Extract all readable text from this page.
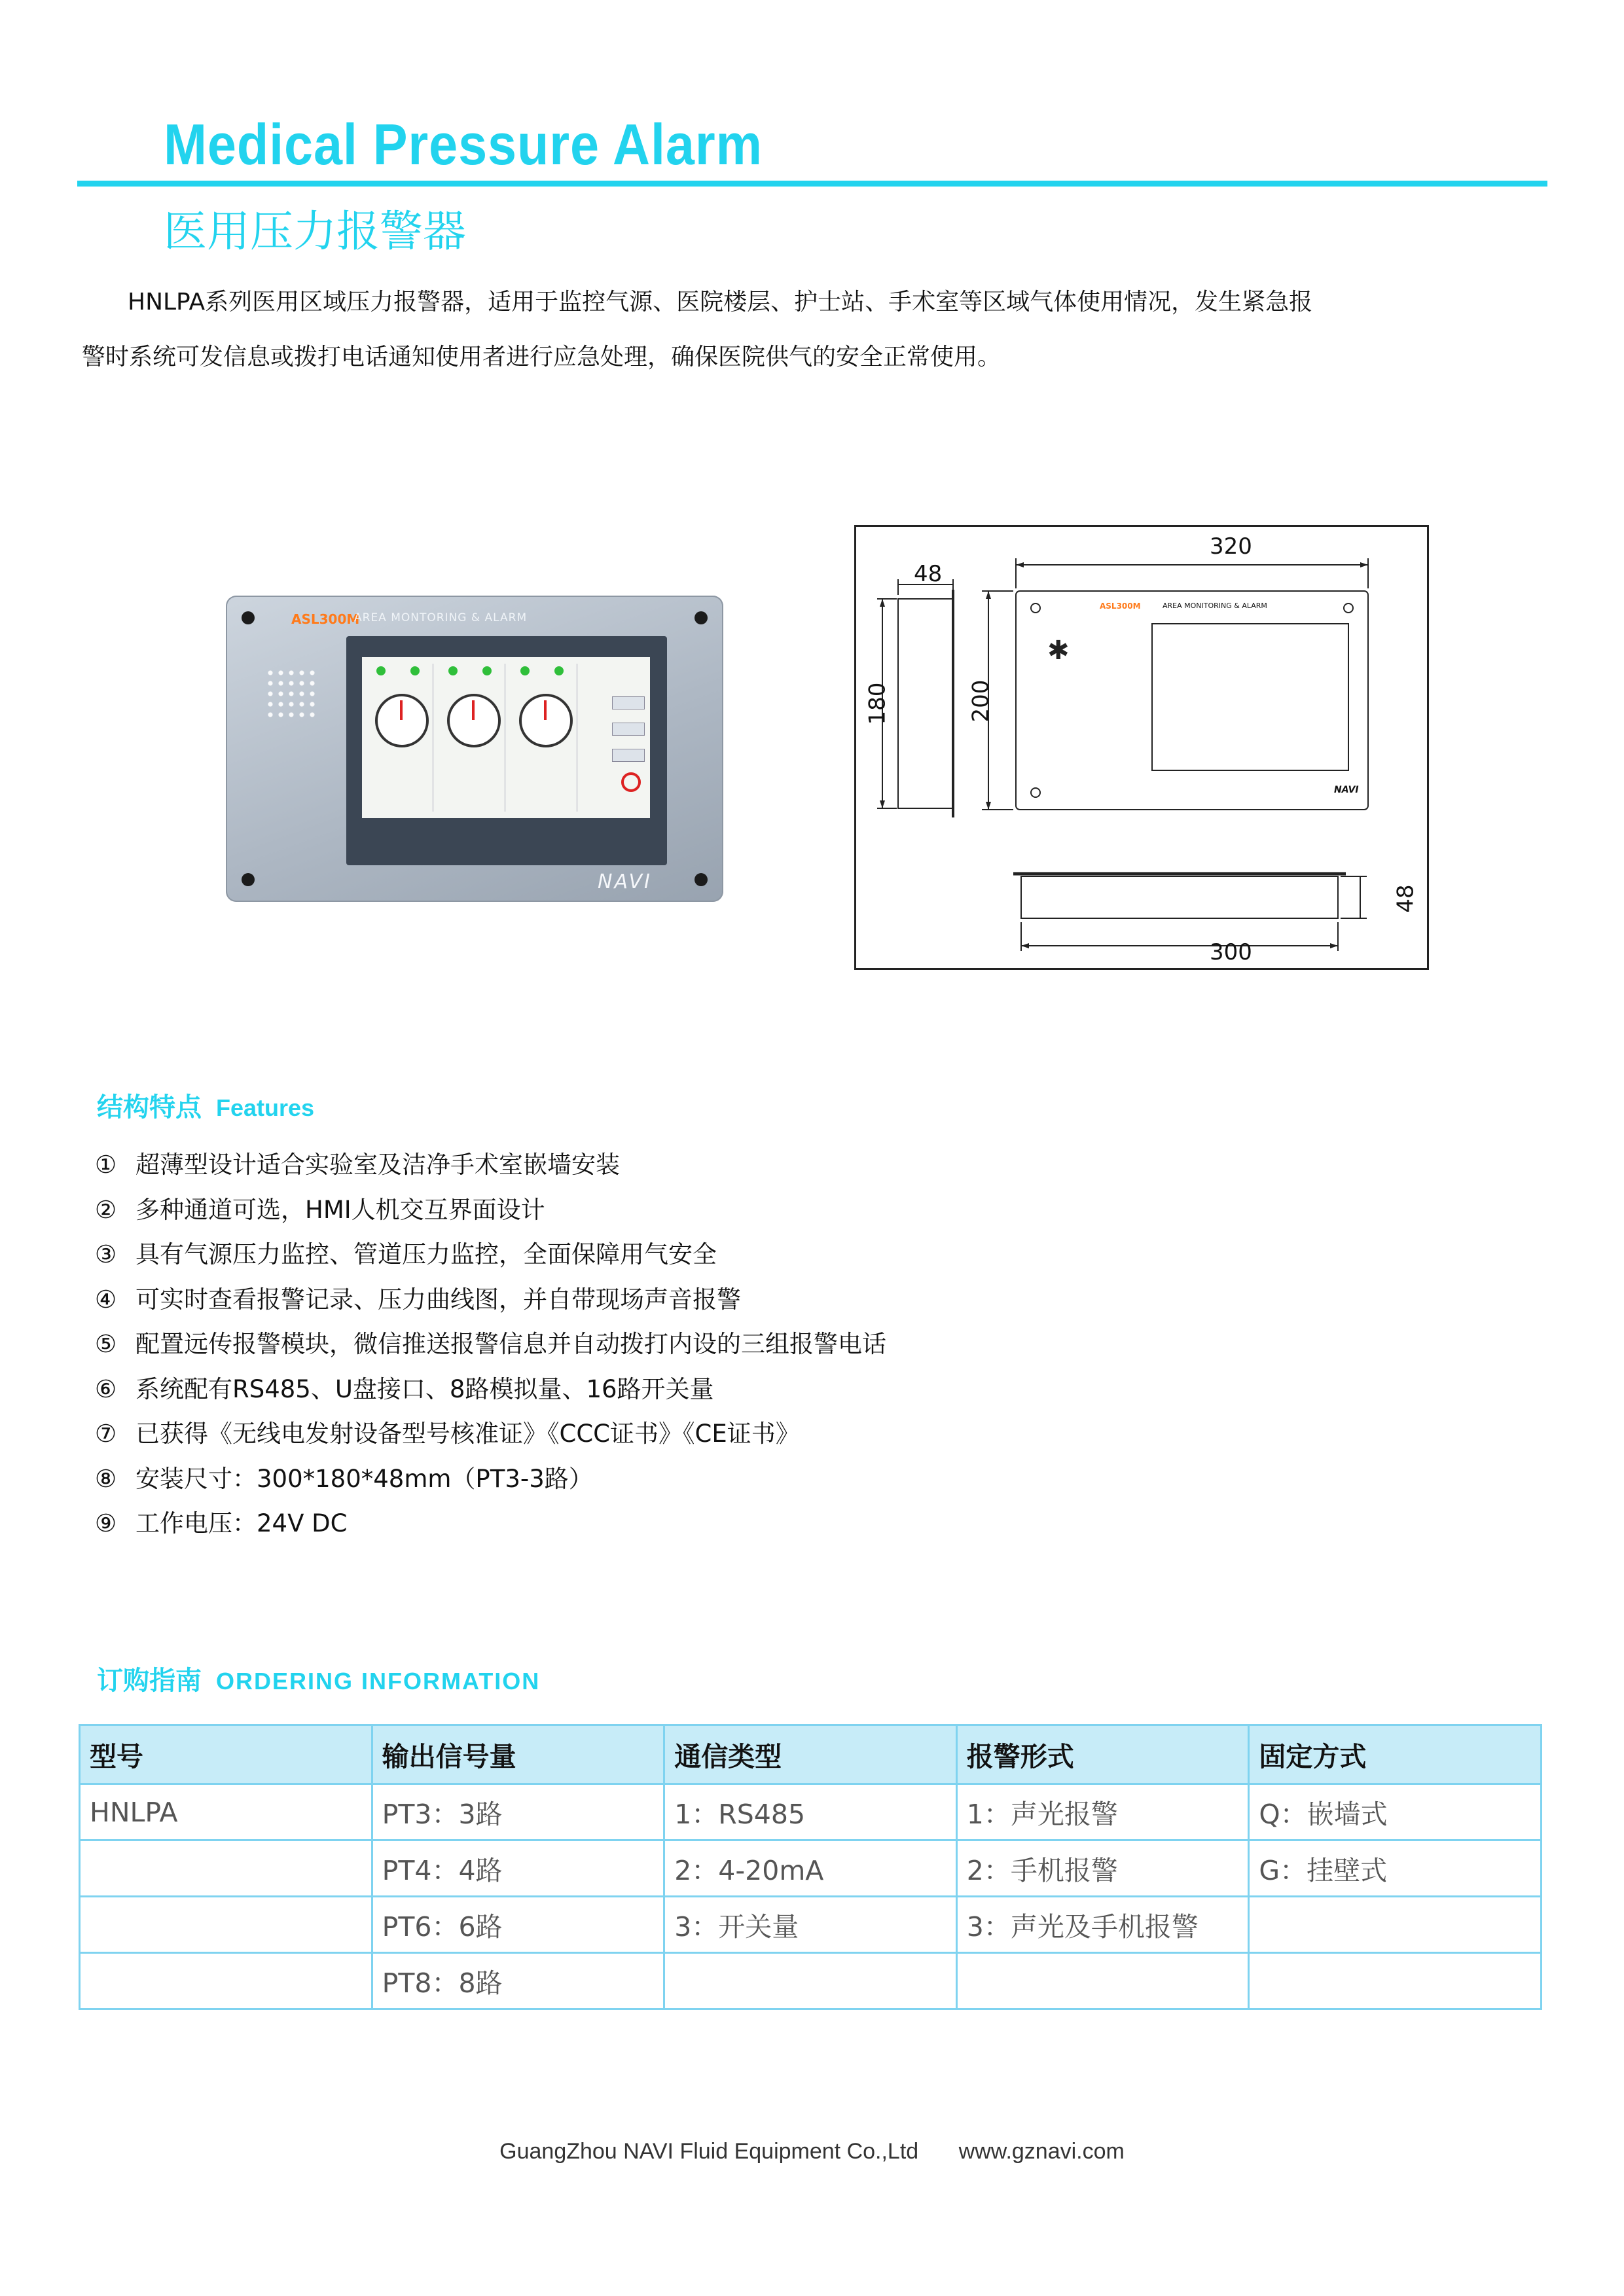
Medical Pressure Alarm
医用压力报警器

HNLPA系列医用区域压力报警器，适用于监控气源、医院楼层、护士站、手术室等区域气体使用情况，发生紧急报
警时系统可发信息或拨打电话通知使用者进行应急处理，确保医院供气的安全正常使用。

ASL300M
AREA MONTORING & ALARM
NAVI
✱
320
48
180	200
300
48
ASL300M	AREA MONITORING & ALARM
NAVI
结构特点 Features
① 超薄型设计适合实验室及洁净手术室嵌墙安装
② 多种通道可选，HMI人机交互界面设计
③ 具有气源压力监控、管道压力监控，全面保障用气安全
④ 可实时查看报警记录、压力曲线图，并自带现场声音报警
⑤ 配置远传报警模块，微信推送报警信息并自动拨打内设的三组报警电话
⑥ 系统配有RS485、U盘接口、8路模拟量、16路开关量
⑦ 已获得《无线电发射设备型号核准证》《CCC证书》《CE证书》
⑧ 安装尺寸：300*180*48mm（PT3-3路）
⑨ 工作电压：24V DC
订购指南 ORDERING INFORMATION
型号	输出信号量	通信类型	报警形式	固定方式
HNLPA	PT3：3路	1：RS485	1：声光报警	Q：嵌墙式
	PT4：4路	2：4-20mA	2：手机报警	G：挂壁式
	PT6：6路	3：开关量	3：声光及手机报警	
	PT8：8路			
GuangZhou NAVI Fluid Equipment Co.,Ltd www.gznavi.com
